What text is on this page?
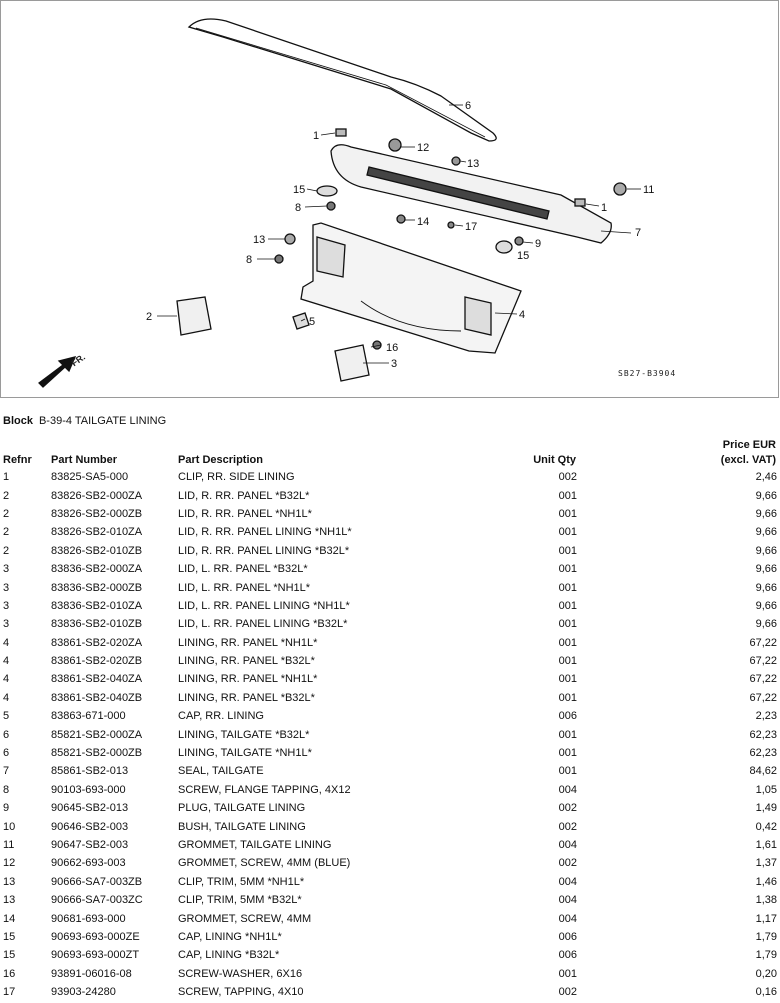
6
1
12
13
11
15
8	1
14	17	7
13	9
15
8
4
2	5
16
3
FR.
SB27-B3904
Block B-39-4 TAILGATE LINING
Refnr	Part Number	Part Description	Unit Qty	Price EUR
(excl. VAT)

1	83825-SA5-000	CLIP, RR. SIDE LINING	002	2,46
2	83826-SB2-000ZA	LID, R. RR. PANEL *B32L*	001	9,66
2	83826-SB2-000ZB	LID, R. RR. PANEL *NH1L*	001	9,66
2	83826-SB2-010ZA	LID, R. RR. PANEL LINING *NH1L*	001	9,66
2	83826-SB2-010ZB	LID, R. RR. PANEL LINING *B32L*	001	9,66
3	83836-SB2-000ZA	LID, L. RR. PANEL *B32L*	001	9,66
3	83836-SB2-000ZB	LID, L. RR. PANEL *NH1L*	001	9,66
3	83836-SB2-010ZA	LID, L. RR. PANEL LINING *NH1L*	001	9,66
3	83836-SB2-010ZB	LID, L. RR. PANEL LINING *B32L*	001	9,66
4	83861-SB2-020ZA	LINING, RR. PANEL *NH1L*	001	67,22
4	83861-SB2-020ZB	LINING, RR. PANEL *B32L*	001	67,22
4	83861-SB2-040ZA	LINING, RR. PANEL *NH1L*	001	67,22
4	83861-SB2-040ZB	LINING, RR. PANEL *B32L*	001	67,22
5	83863-671-000	CAP, RR. LINING	006	2,23
6	85821-SB2-000ZA	LINING, TAILGATE *B32L*	001	62,23
6	85821-SB2-000ZB	LINING, TAILGATE *NH1L*	001	62,23
7	85861-SB2-013	SEAL, TAILGATE	001	84,62
8	90103-693-000	SCREW, FLANGE TAPPING, 4X12	004	1,05
9	90645-SB2-013	PLUG, TAILGATE LINING	002	1,49
10	90646-SB2-003	BUSH, TAILGATE LINING	002	0,42
11	90647-SB2-003	GROMMET, TAILGATE LINING	004	1,61
12	90662-693-003	GROMMET, SCREW, 4MM (BLUE)	002	1,37
13	90666-SA7-003ZB	CLIP, TRIM, 5MM *NH1L*	004	1,46
13	90666-SA7-003ZC	CLIP, TRIM, 5MM *B32L*	004	1,38
14	90681-693-000	GROMMET, SCREW, 4MM	004	1,17
15	90693-693-000ZE	CAP, LINING *NH1L*	006	1,79
15	90693-693-000ZT	CAP, LINING *B32L*	006	1,79
16	93891-06016-08	SCREW-WASHER, 6X16	001	0,20
17	93903-24280	SCREW, TAPPING, 4X10	002	0,16
